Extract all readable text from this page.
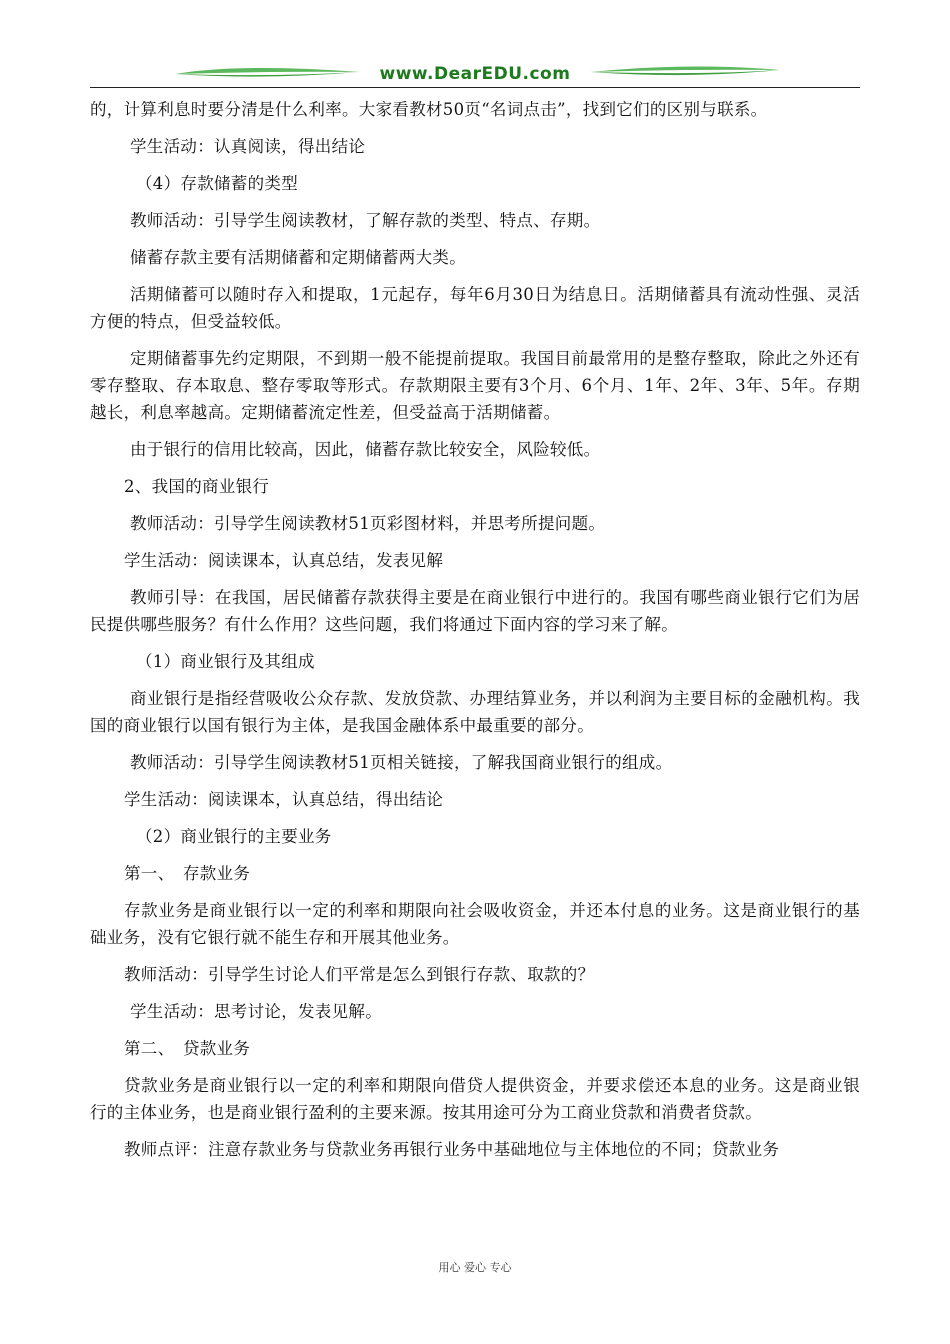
www.DearEDU.com

的，计算利息时要分清是什么利率。大家看教材50页“名词点击”，找到它们的区别与联系。

学生活动：认真阅读，得出结论

（4）存款储蓄的类型

教师活动：引导学生阅读教材，了解存款的类型、特点、存期。

储蓄存款主要有活期储蓄和定期储蓄两大类。

活期储蓄可以随时存入和提取，1元起存，每年6月30日为结息日。活期储蓄具有流动性强、灵活方便的特点，但受益较低。

定期储蓄事先约定期限，不到期一般不能提前提取。我国目前最常用的是整存整取，除此之外还有零存整取、存本取息、整存零取等形式。存款期限主要有3个月、6个月、1年、2年、3年、5年。存期越长，利息率越高。定期储蓄流定性差，但受益高于活期储蓄。

由于银行的信用比较高，因此，储蓄存款比较安全，风险较低。

2、我国的商业银行

教师活动：引导学生阅读教材51页彩图材料，并思考所提问题。

学生活动：阅读课本，认真总结，发表见解

教师引导：在我国，居民储蓄存款获得主要是在商业银行中进行的。我国有哪些商业银行它们为居民提供哪些服务？有什么作用？这些问题，我们将通过下面内容的学习来了解。

（1）商业银行及其组成

商业银行是指经营吸收公众存款、发放贷款、办理结算业务，并以利润为主要目标的金融机构。我国的商业银行以国有银行为主体，是我国金融体系中最重要的部分。

教师活动：引导学生阅读教材51页相关链接，了解我国商业银行的组成。

学生活动：阅读课本，认真总结，得出结论

（2）商业银行的主要业务

第一、　存款业务

存款业务是商业银行以一定的利率和期限向社会吸收资金，并还本付息的业务。这是商业银行的基础业务，没有它银行就不能生存和开展其他业务。

教师活动：引导学生讨论人们平常是怎么到银行存款、取款的？

学生活动：思考讨论，发表见解。

第二、　贷款业务

贷款业务是商业银行以一定的利率和期限向借贷人提供资金，并要求偿还本息的业务。这是商业银行的主体业务，也是商业银行盈利的主要来源。按其用途可分为工商业贷款和消费者贷款。

教师点评：注意存款业务与贷款业务再银行业务中基础地位与主体地位的不同；贷款业务

用心 爱心 专心
